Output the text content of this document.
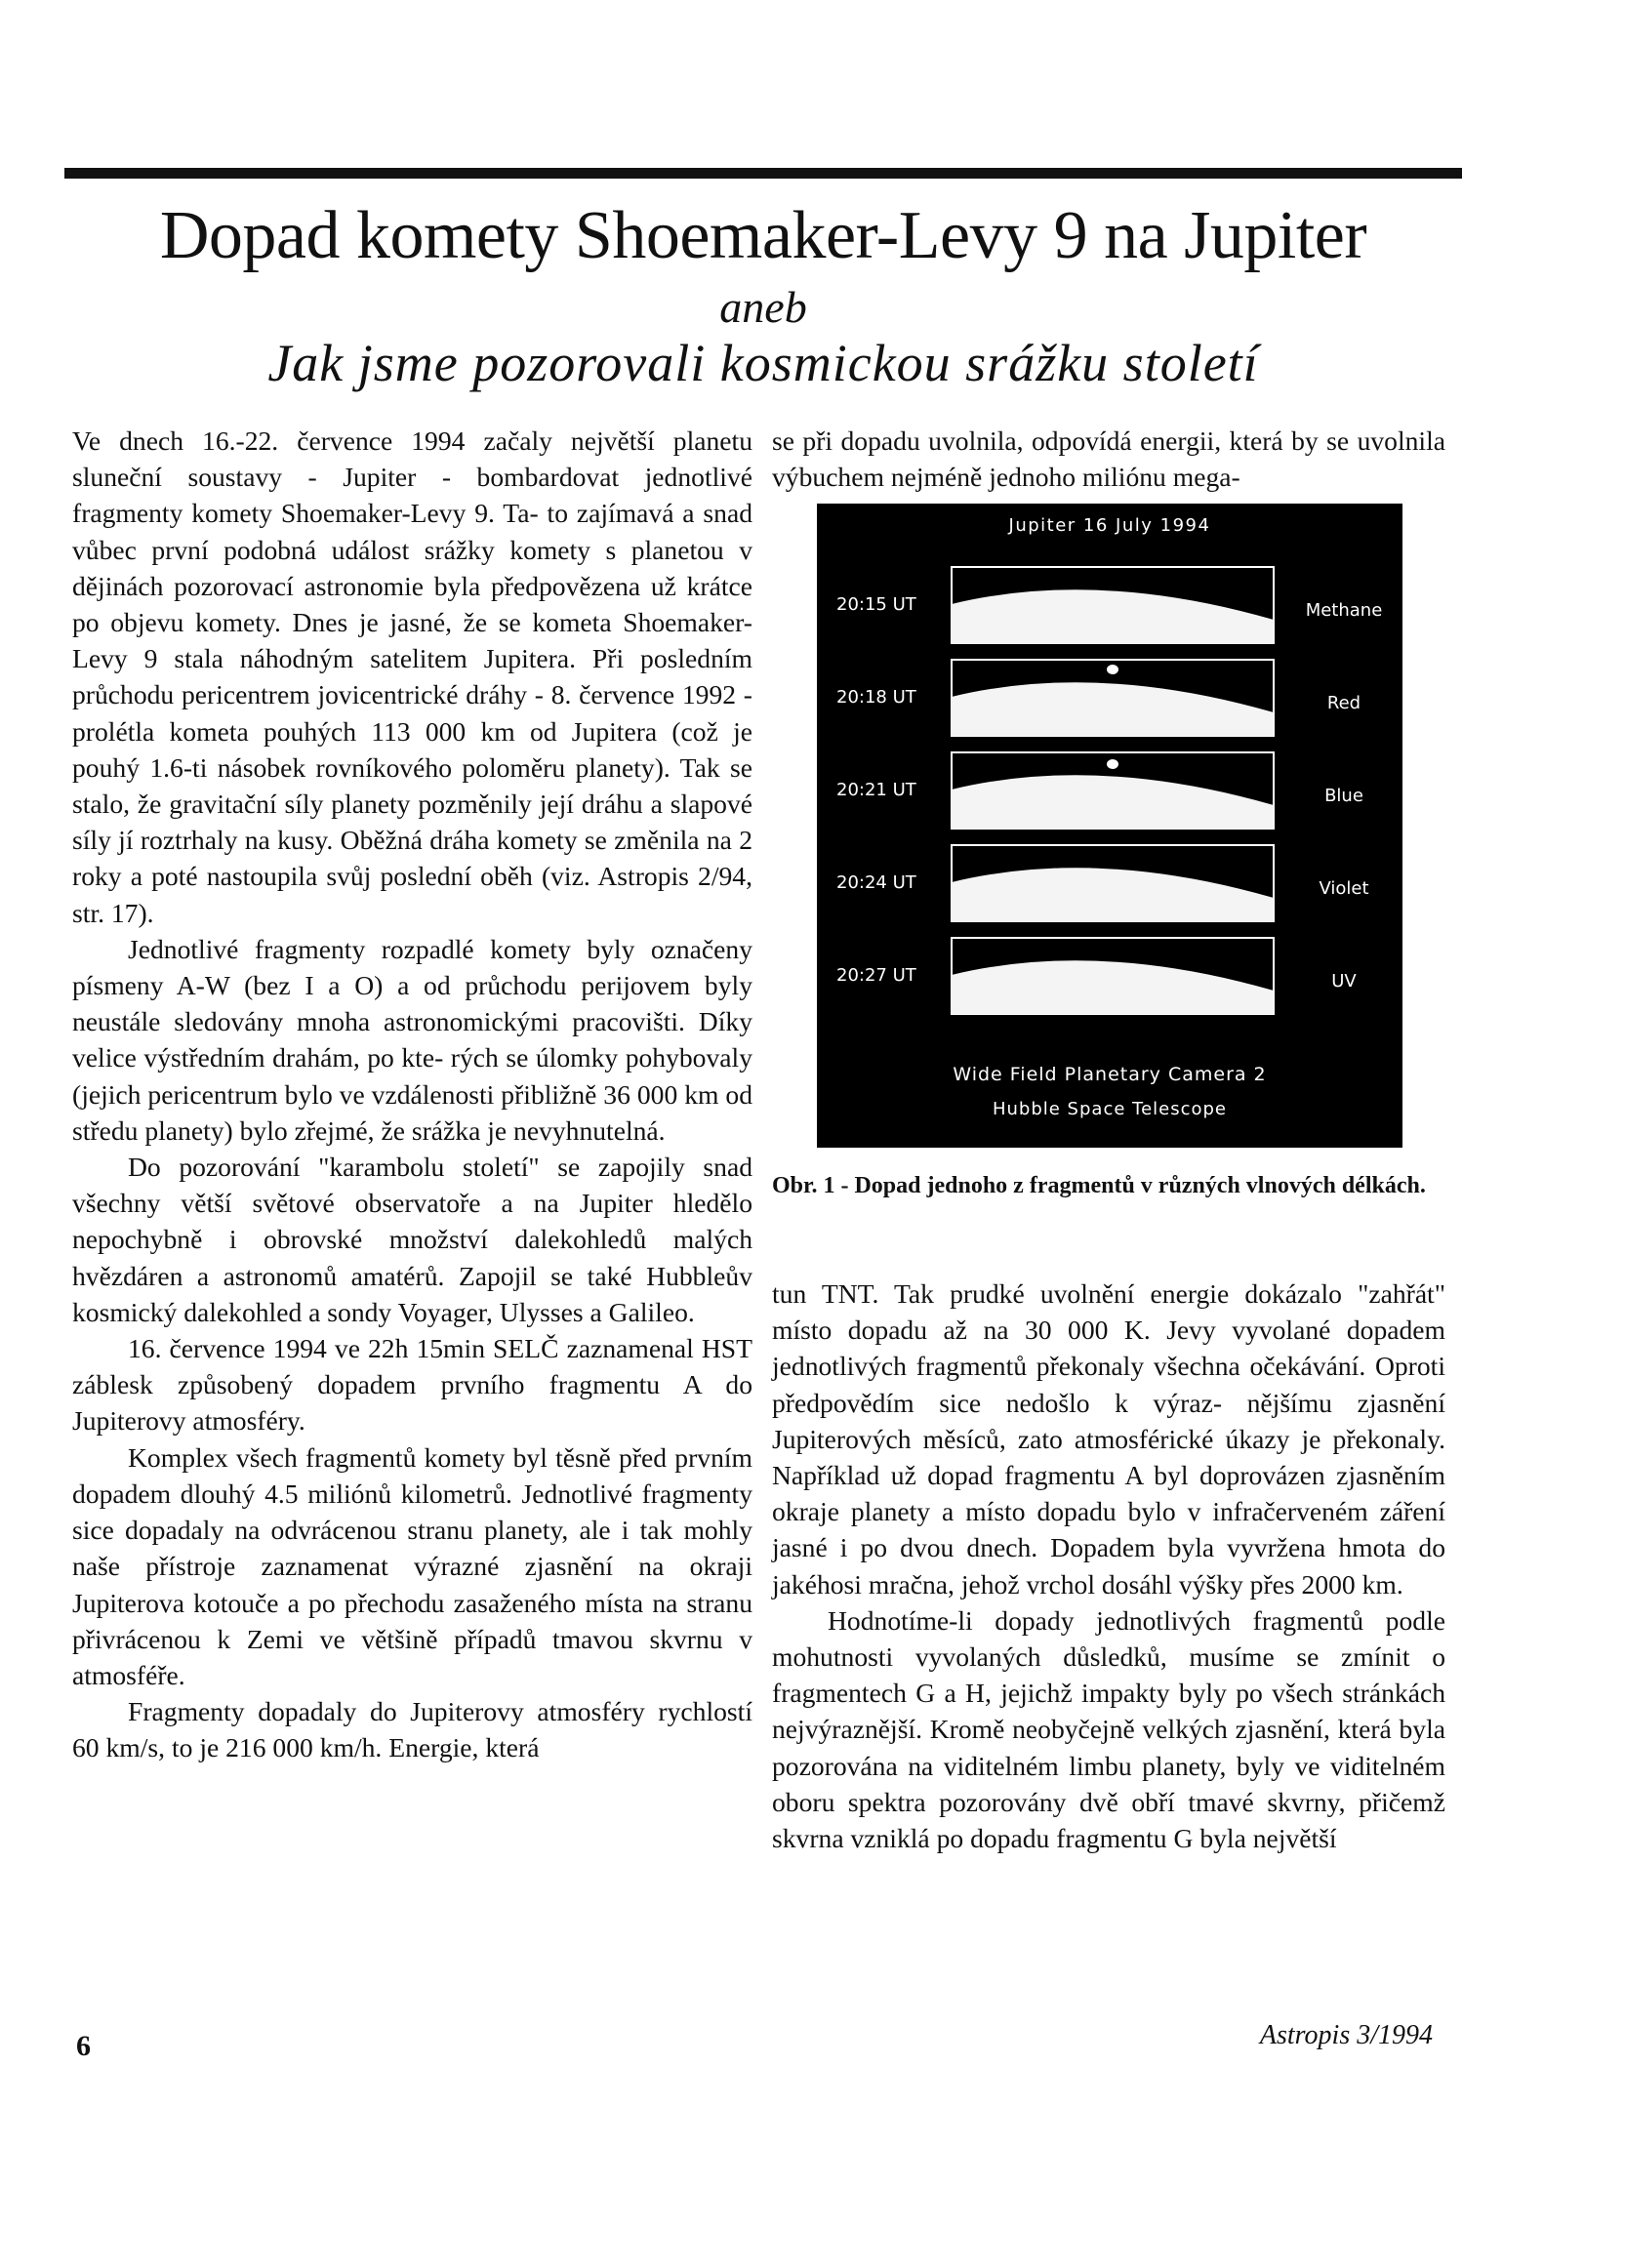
Dopad komety Shoemaker-Levy 9 na Jupiter
aneb
Jak jsme pozorovali kosmickou srážku století

Ve dnech 16.-22. července 1994 začaly největší planetu sluneční soustavy - Jupiter - bombardovat jednotlivé fragmenty komety Shoemaker-Levy 9. Ta- to zajímavá a snad vůbec první podobná událost srážky komety s planetou v dějinách pozorovací astronomie byla předpovězena už krátce po objevu komety. Dnes je jasné, že se kometa Shoemaker-Levy 9 stala náhodným satelitem Jupitera. Při posledním průchodu pericentrem jovicentrické dráhy - 8. července 1992 - prolétla kometa pouhých 113 000 km od Jupitera (což je pouhý 1.6-ti násobek rovníkového poloměru planety). Tak se stalo, že gravitační síly planety pozměnily její dráhu a slapové síly jí roztrhaly na kusy. Oběžná dráha komety se změnila na 2 roky a poté nastoupila svůj poslední oběh (viz. Astropis 2/94, str. 17).

Jednotlivé fragmenty rozpadlé komety byly označeny písmeny A-W (bez I a O) a od průchodu perijovem byly neustále sledovány mnoha astronomickými pracovišti. Díky velice výstředním drahám, po kte- rých se úlomky pohybovaly (jejich pericentrum bylo ve vzdálenosti přibližně 36 000 km od středu planety) bylo zřejmé, že srážka je nevyhnutelná.

Do pozorování "karambolu století" se zapojily snad všechny větší světové observatoře a na Jupiter hledělo nepochybně i obrovské množství dalekohledů malých hvězdáren a astronomů amatérů. Zapojil se také Hubbleův kosmický dalekohled a sondy Voyager, Ulysses a Galileo.

16. července 1994 ve 22h 15min SELČ zaznamenal HST záblesk způsobený dopadem prvního fragmentu A do Jupiterovy atmosféry.

Komplex všech fragmentů komety byl těsně před prvním dopadem dlouhý 4.5 miliónů kilometrů. Jednotlivé fragmenty sice dopadaly na odvrácenou stranu planety, ale i tak mohly naše přístroje zaznamenat výrazné zjasnění na okraji Jupiterova kotouče a po přechodu zasaženého místa na stranu přivrácenou k Zemi ve většině případů tmavou skvrnu v atmosféře.

Fragmenty dopadaly do Jupiterovy atmosféry rychlostí 60 km/s, to je 216 000 km/h. Energie, která

se při dopadu uvolnila, odpovídá energii, která by se uvolnila výbuchem nejméně jednoho miliónu mega-

Jupiter 16 July 1994
20:15 UT	Methane
20:18 UT	Red
20:21 UT	Blue
20:24 UT	Violet
20:27 UT	UV
Wide Field Planetary Camera 2
Hubble Space Telescope
Obr. 1 - Dopad jednoho z fragmentů v různých vlnových délkách.

tun TNT. Tak prudké uvolnění energie dokázalo "zahřát" místo dopadu až na 30 000 K. Jevy vyvolané dopadem jednotlivých fragmentů překonaly všechna očekávání. Oproti předpovědím sice nedošlo k výraz- nějšímu zjasnění Jupiterových měsíců, zato atmosférické úkazy je překonaly. Například už dopad fragmentu A byl doprovázen zjasněním okraje planety a místo dopadu bylo v infračerveném záření jasné i po dvou dnech. Dopadem byla vyvržena hmota do jakéhosi mračna, jehož vrchol dosáhl výšky přes 2000 km.

Hodnotíme-li dopady jednotlivých fragmentů podle mohutnosti vyvolaných důsledků, musíme se zmínit o fragmentech G a H, jejichž impakty byly po všech stránkách nejvýraznější. Kromě neobyčejně velkých zjasnění, která byla pozorována na viditelném limbu planety, byly ve viditelném oboru spektra pozorovány dvě obří tmavé skvrny, přičemž skvrna vzniklá po dopadu fragmentu G byla největší

6	Astropis 3/1994
